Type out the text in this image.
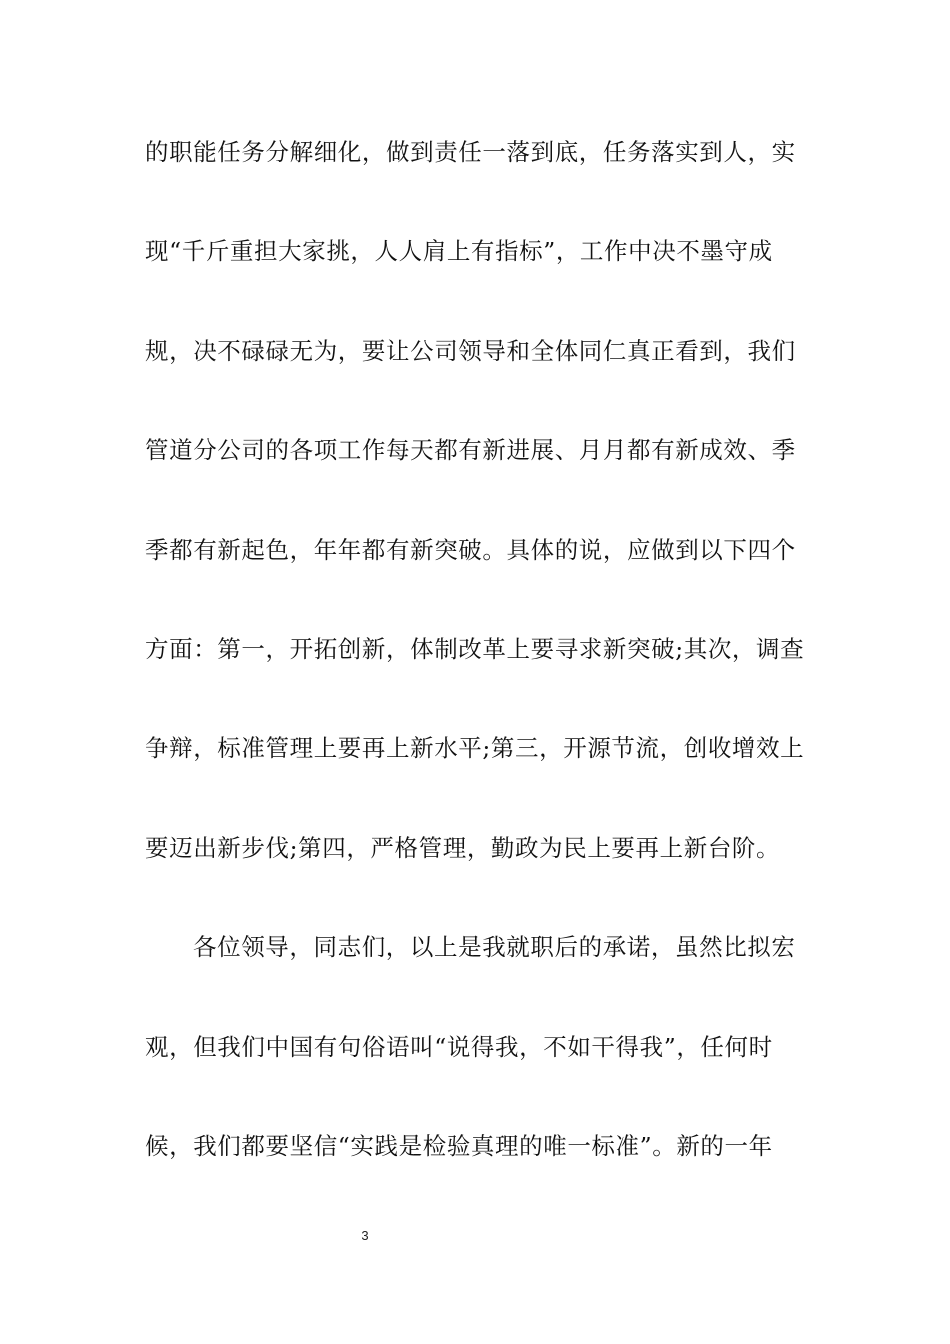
的职能任务分解细化，做到责任一落到底，任务落实到人，实
现“千斤重担大家挑，人人肩上有指标”，工作中决不墨守成
规，决不碌碌无为，要让公司领导和全体同仁真正看到，我们
管道分公司的各项工作每天都有新进展、月月都有新成效、季
季都有新起色，年年都有新突破。具体的说，应做到以下四个
方面：第一，开拓创新，体制改革上要寻求新突破;其次，调查
争辩，标准管理上要再上新水平;第三，开源节流，创收增效上
要迈出新步伐;第四，严格管理，勤政为民上要再上新台阶。
各位领导，同志们，以上是我就职后的承诺，虽然比拟宏
观，但我们中国有句俗语叫“说得我，不如干得我”，任何时
候，我们都要坚信“实践是检验真理的唯一标准”。新的一年
3
